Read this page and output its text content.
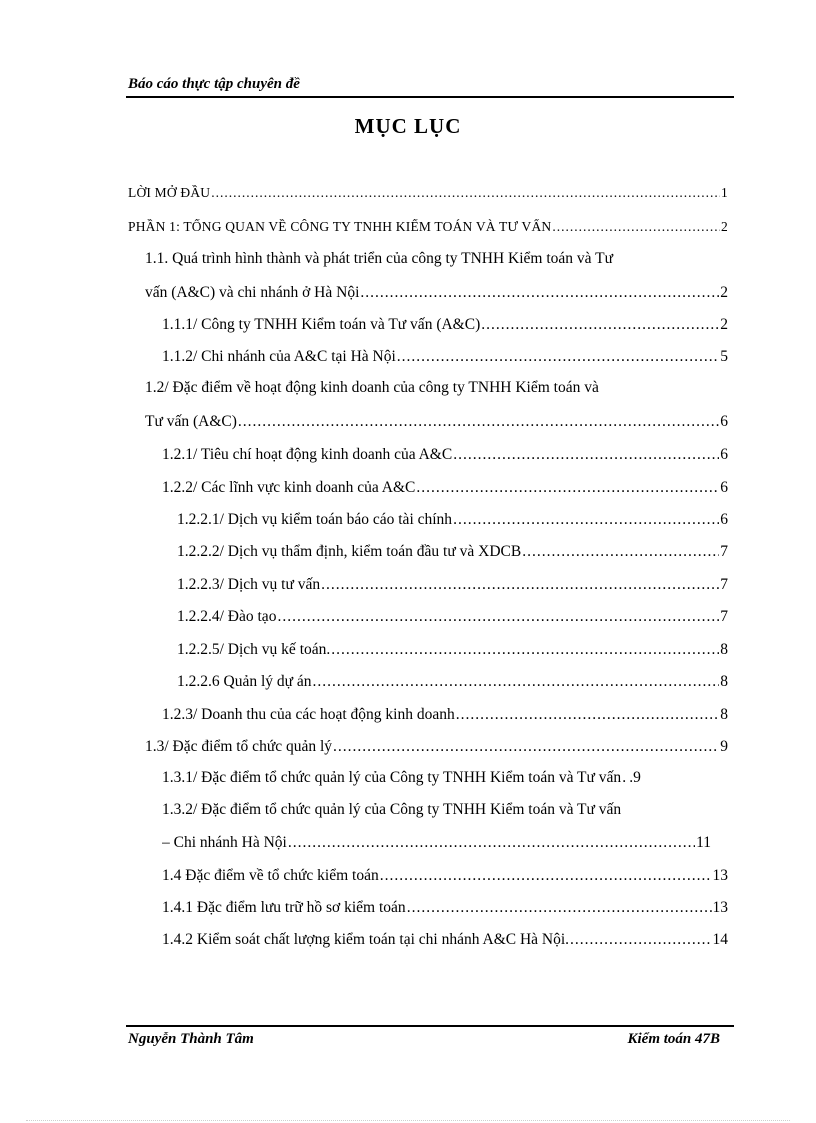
Báo cáo thực tập chuyên đề
MỤC LỤC
LỜI MỞ ĐẦU .....	1
PHẦN 1: TỔNG QUAN VỀ CÔNG TY TNHH KIỂM TOÁN VÀ TƯ VẤN .....	2
1.1. Quá trình hình thành và phát triển của công ty TNHH Kiểm toán và Tư
vấn (A&C) và chi nhánh ở Hà Nội .....	2
1.1.1/ Công ty TNHH Kiểm toán và Tư vấn (A&C) .....	2
1.1.2/ Chi nhánh của A&C tại Hà Nội .....	5
1.2/ Đặc điểm về hoạt động kinh doanh của công ty TNHH Kiểm toán và
Tư vấn (A&C) .....	6
1.2.1/ Tiêu chí hoạt động kinh doanh của A&C .....	6
1.2.2/ Các lĩnh vực kinh doanh của A&C .....	6
1.2.2.1/ Dịch vụ kiểm toán báo cáo tài chính .....	6
1.2.2.2/ Dịch vụ thẩm định, kiểm toán đầu tư và XDCB .....	7
1.2.2.3/ Dịch vụ tư vấn .....	7
1.2.2.4/ Đào tạo .....	7
1.2.2.5/ Dịch vụ kế toán. .....	8
1.2.2.6 Quản lý dự án .....	8
1.2.3/ Doanh thu của các hoạt động kinh doanh .....	8
1.3/ Đặc điểm tổ chức quản lý .....	9
1.3.1/ Đặc điểm tổ chức quản lý của Công ty TNHH Kiểm toán và Tư vấn ..... .9
1.3.2/ Đặc điểm tổ chức quản lý của Công ty TNHH Kiểm toán và Tư vấn
– Chi nhánh Hà Nội .....	11
1.4 Đặc điểm về tổ chức kiểm toán .....	13
1.4.1 Đặc điểm lưu trữ hồ sơ kiểm toán .....	13
1.4.2 Kiểm soát chất lượng kiểm toán tại chi nhánh A&C Hà Nội. .....	14
Nguyễn Thành Tâm	Kiểm toán 47B
